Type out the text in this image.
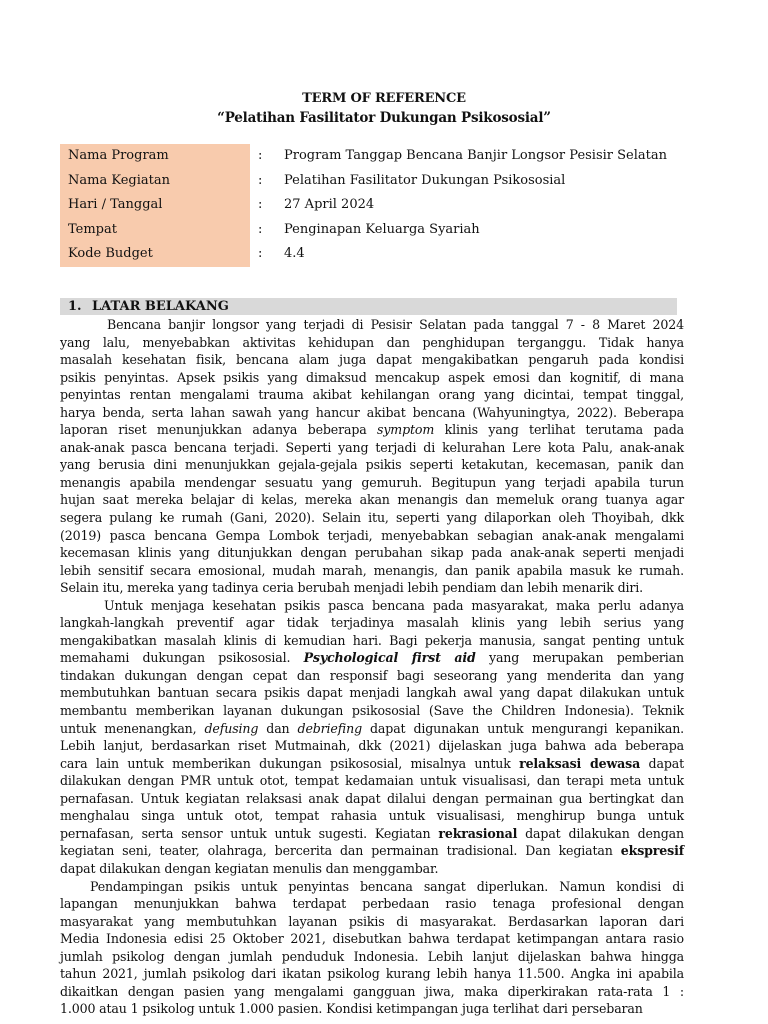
TERM OF REFERENCE
“Pelatihan Fasilitator Dukungan Psikososial”
Nama Program	: Program Tanggap Bencana Banjir Longsor Pesisir Selatan
Nama Kegiatan	: Pelatihan Fasilitator Dukungan Psikososial
Hari / Tanggal	: 27 April 2024
Tempat	: Penginapan Keluarga Syariah
Kode Budget	: 4.4
1. LATAR BELAKANG

Bencana banjir longsor yang terjadi di Pesisir Selatan pada tanggal 7 - 8 Maret 2024
yang lalu, menyebabkan aktivitas kehidupan dan penghidupan terganggu. Tidak hanya
masalah kesehatan fisik, bencana alam juga dapat mengakibatkan pengaruh pada kondisi
psikis penyintas. Apsek psikis yang dimaksud mencakup aspek emosi dan kognitif, di mana
penyintas rentan mengalami trauma akibat kehilangan orang yang dicintai, tempat tinggal,
harya benda, serta lahan sawah yang hancur akibat bencana (Wahyuningtya, 2022). Beberapa
laporan riset menunjukkan adanya beberapa symptom klinis yang terlihat terutama pada
anak-anak pasca bencana terjadi. Seperti yang terjadi di kelurahan Lere kota Palu, anak-anak
yang berusia dini menunjukkan gejala-gejala psikis seperti ketakutan, kecemasan, panik dan
menangis apabila mendengar sesuatu yang gemuruh. Begitupun yang terjadi apabila turun
hujan saat mereka belajar di kelas, mereka akan menangis dan memeluk orang tuanya agar
segera pulang ke rumah (Gani, 2020). Selain itu, seperti yang dilaporkan oleh Thoyibah, dkk
(2019) pasca bencana Gempa Lombok terjadi, menyebabkan sebagian anak-anak mengalami
kecemasan klinis yang ditunjukkan dengan perubahan sikap pada anak-anak seperti menjadi
lebih sensitif secara emosional, mudah marah, menangis, dan panik apabila masuk ke rumah.
Selain itu, mereka yang tadinya ceria berubah menjadi lebih pendiam dan lebih menarik diri.

Untuk menjaga kesehatan psikis pasca bencana pada masyarakat, maka perlu adanya
langkah-langkah preventif agar tidak terjadinya masalah klinis yang lebih serius yang
mengakibatkan masalah klinis di kemudian hari. Bagi pekerja manusia, sangat penting untuk
memahami dukungan psikososial. Psychological first aid yang merupakan pemberian
tindakan dukungan dengan cepat dan responsif bagi seseorang yang menderita dan yang
membutuhkan bantuan secara psikis dapat menjadi langkah awal yang dapat dilakukan untuk
membantu memberikan layanan dukungan psikososial (Save the Children Indonesia). Teknik
untuk menenangkan, defusing dan debriefing dapat digunakan untuk mengurangi kepanikan.
Lebih lanjut, berdasarkan riset Mutmainah, dkk (2021) dijelaskan juga bahwa ada beberapa
cara lain untuk memberikan dukungan psikososial, misalnya untuk relaksasi dewasa dapat
dilakukan dengan PMR untuk otot, tempat kedamaian untuk visualisasi, dan terapi meta untuk
pernafasan. Untuk kegiatan relaksasi anak dapat dilalui dengan permainan gua bertingkat dan
menghalau singa untuk otot, tempat rahasia untuk visualisasi, menghirup bunga untuk
pernafasan, serta sensor untuk untuk sugesti. Kegiatan rekrasional dapat dilakukan dengan
kegiatan seni, teater, olahraga, bercerita dan permainan tradisional. Dan kegiatan ekspresif
dapat dilakukan dengan kegiatan menulis dan menggambar.

Pendampingan psikis untuk penyintas bencana sangat diperlukan. Namun kondisi di
lapangan menunjukkan bahwa terdapat perbedaan rasio tenaga profesional dengan
masyarakat yang membutuhkan layanan psikis di masyarakat. Berdasarkan laporan dari
Media Indonesia edisi 25 Oktober 2021, disebutkan bahwa terdapat ketimpangan antara rasio
jumlah psikolog dengan jumlah penduduk Indonesia. Lebih lanjut dijelaskan bahwa hingga
tahun 2021, jumlah psikolog dari ikatan psikolog kurang lebih hanya 11.500. Angka ini apabila
dikaitkan dengan pasien yang mengalami gangguan jiwa, maka diperkirakan rata-rata 1 :
1.000 atau 1 psikolog untuk 1.000 pasien. Kondisi ketimpangan juga terlihat dari persebaran
